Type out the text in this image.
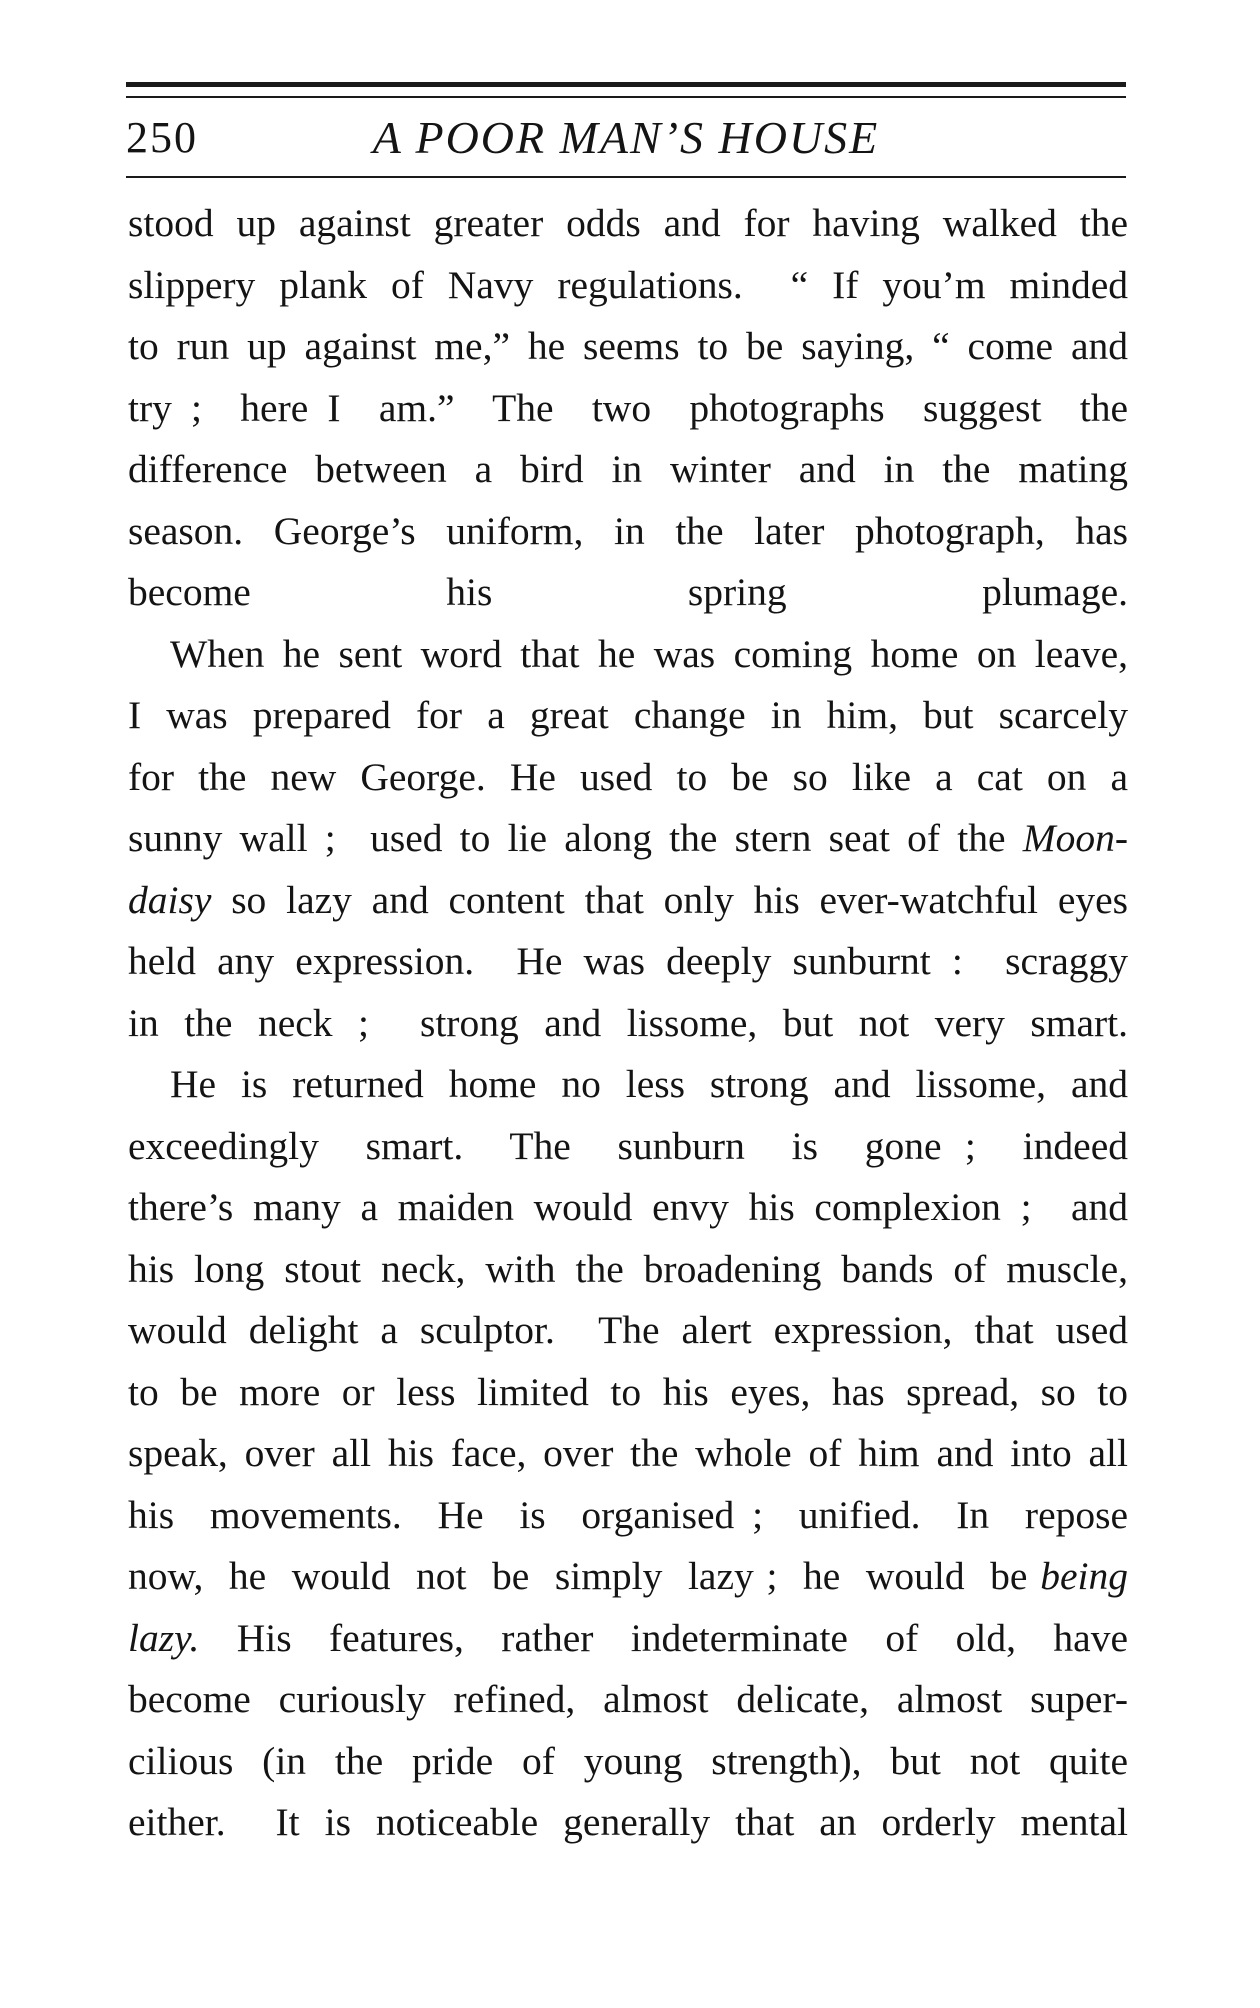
250	A POOR MAN’S HOUSE
stood up against greater odds and for having walked the
slippery plank of Navy regulations.  “ If you’m minded
to run up against me,” he seems to be saying, “ come and
try ;  here I  am.”  The  two  photographs  suggest  the
difference  between  a  bird  in  winter  and  in  the  mating
season.  George’s  uniform,  in  the  later  photograph,  has
become his spring plumage.
When he sent word that he was coming home on leave,
I  was  prepared  for  a  great  change  in  him,  but  scarcely
for  the  new  George.  He  used  to  be  so  like  a  cat  on  a
sunny wall ;  used to lie along the stern seat of the Moon-
daisy so lazy and content that only his ever-watchful eyes
held any expression.  He was deeply sunburnt :  scraggy
in the neck ;  strong and lissome, but not very smart.
He  is  returned  home  no  less  strong  and  lissome,  and
exceedingly  smart.  The  sunburn  is  gone ;  indeed
there’s many a maiden would envy his complexion ;  and
his long stout neck, with the broadening bands of muscle,
would delight a sculptor.  The alert expression, that used
to  be  more  or  less  limited  to  his  eyes,  has  spread,  so  to
speak, over all his face, over the whole of him and into all
his  movements.  He  is  organised ;  unified.  In  repose
now,  he  would  not  be  simply  lazy ;  he  would  be being
lazy.  His  features,  rather  indeterminate  of  old,  have
become curiously refined, almost delicate, almost super-
cilious  (in  the  pride  of  young  strength),  but  not  quite
either.  It is noticeable generally that an orderly mental
